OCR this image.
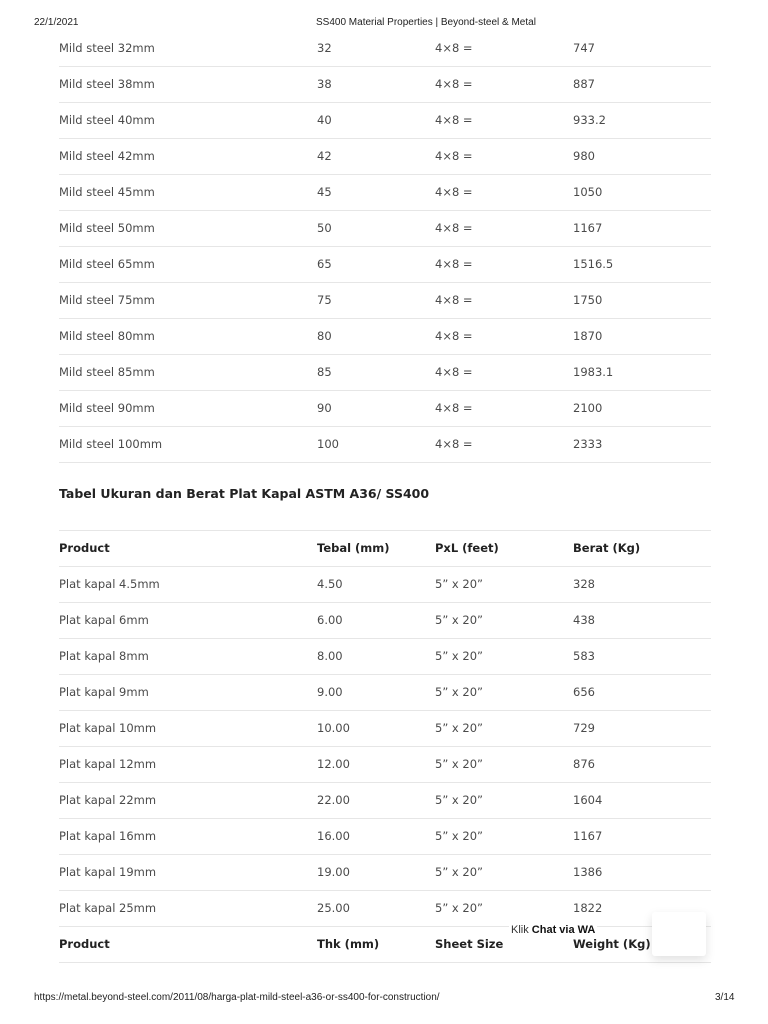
22/1/2021	SS400 Material Properties | Beyond-steel & Metal
Mild steel 32mm	32	4×8 =	747
Mild steel 38mm	38	4×8 =	887
Mild steel 40mm	40	4×8 =	933.2
Mild steel 42mm	42	4×8 =	980
Mild steel 45mm	45	4×8 =	1050
Mild steel 50mm	50	4×8 =	1167
Mild steel 65mm	65	4×8 =	1516.5
Mild steel 75mm	75	4×8 =	1750
Mild steel 80mm	80	4×8 =	1870
Mild steel 85mm	85	4×8 =	1983.1
Mild steel 90mm	90	4×8 =	2100
Mild steel 100mm	100	4×8 =	2333
Tabel Ukuran dan Berat Plat Kapal ASTM A36/ SS400
Product	Tebal (mm)	PxL (feet)	Berat (Kg)
Plat kapal 4.5mm	4.50	5” x 20”	328
Plat kapal 6mm	6.00	5” x 20”	438
Plat kapal 8mm	8.00	5” x 20”	583
Plat kapal 9mm	9.00	5” x 20”	656
Plat kapal 10mm	10.00	5” x 20”	729
Plat kapal 12mm	12.00	5” x 20”	876
Plat kapal 22mm	22.00	5” x 20”	1604
Plat kapal 16mm	16.00	5” x 20”	1167
Plat kapal 19mm	19.00	5” x 20”	1386
Plat kapal 25mm	25.00	5” x 20”	1822
Product	Thk (mm)	Sheet Size	Weight (Kg)
Klik Chat via WA
https://metal.beyond-steel.com/2011/08/harga-plat-mild-steel-a36-or-ss400-for-construction/	3/14
